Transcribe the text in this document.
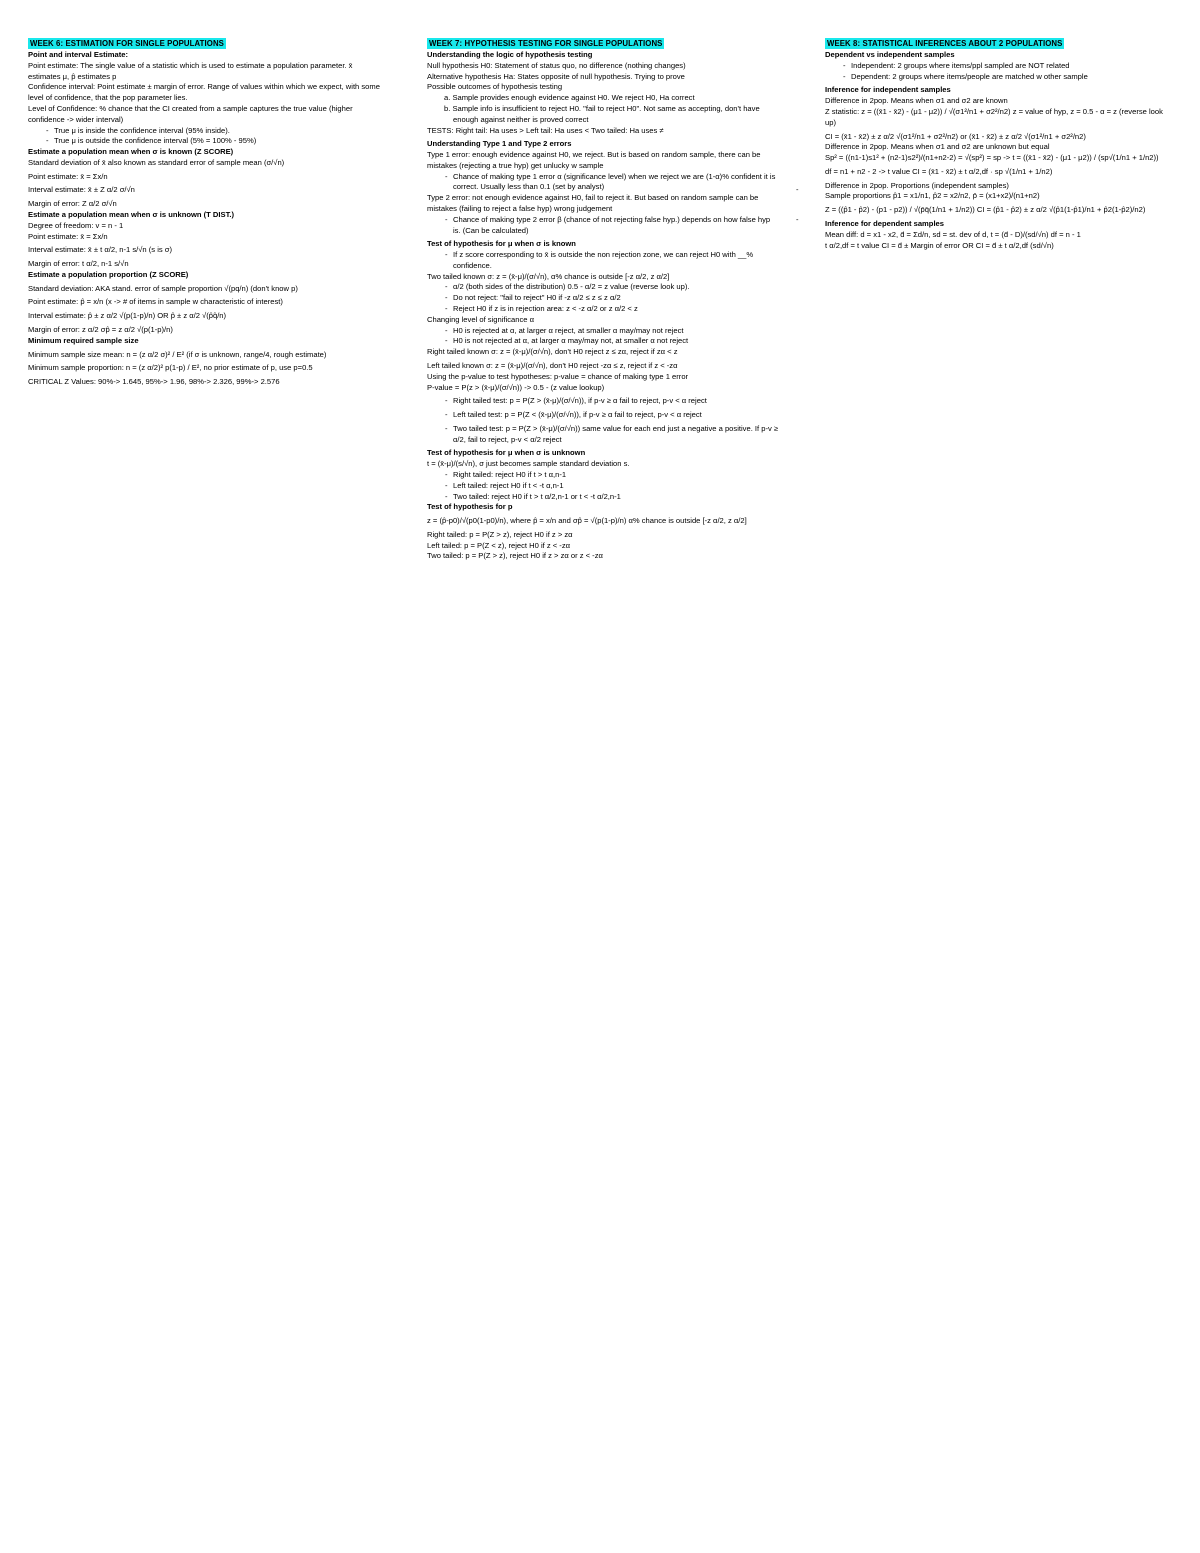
WEEK 6: ESTIMATION FOR SINGLE POPULATIONS
Point and interval Estimate:
Point estimate: The single value of a statistic which is used to estimate a population parameter. x̄ estimates μ, p̂ estimates p
Confidence interval: Point estimate ± margin of error. Range of values within which we expect, with some level of confidence, that the pop parameter lies.
Level of Confidence: % chance that the CI created from a sample captures the true value (higher confidence -> wider interval)
- True μ is inside the confidence interval (95% inside).
- True μ is outside the confidence interval (5% = 100% - 95%)
Estimate a population mean when σ is known (Z SCORE)
Standard deviation of x̄ also known as standard error of sample mean (σ/√n)
Point estimate: x̄ = Σx/n
Interval estimate: x̄ ± Z α/2 σ/√n
Margin of error: Z α/2 σ/√n
Estimate a population mean when σ is unknown (T DIST.)
Degree of freedom: v = n - 1
Point estimate: x̄ = Σx/n
Interval estimate: x̄ ± t α/2, n-1 s/√n (s is σ)
Margin of error: t α/2, n-1 s/√n
Estimate a population proportion (Z SCORE)
Standard deviation: AKA stand. error of sample proportion √(pq/n) (don't know p)
Point estimate: p̂ = x/n (x -> # of items in sample w characteristic of interest)
Interval estimate: p̂ ± z α/2 √(p(1-p)/n) OR p̂ ± z α/2 √(p̂q̂/n)
Margin of error: z α/2 σp̂ = z α/2 √(p(1-p)/n)
Minimum required sample size
Minimum sample size mean: n = (z α/2 σ)² / E² (if σ is unknown, range/4, rough estimate)
Minimum sample proportion: n = (z α/2)² p(1-p) / E², no prior estimate of p, use p=0.5
CRITICAL Z Values: 90%-> 1.645, 95%-> 1.96, 98%-> 2.326, 99%-> 2.576
WEEK 7: HYPOTHESIS TESTING FOR SINGLE POPULATIONS
Understanding the logic of hypothesis testing
Null hypothesis H0: Statement of status quo, no difference (nothing changes)
Alternative hypothesis Ha: States opposite of null hypothesis. Trying to prove
Possible outcomes of hypothesis testing
a. Sample provides enough evidence against H0. We reject H0, Ha correct
b. Sample info is insufficient to reject H0. "fail to reject H0". Not same as accepting, don't have enough against neither is proved correct
TESTS: Right tail: Ha uses > Left tail: Ha uses < Two tailed: Ha uses ≠
Understanding Type 1 and Type 2 errors
Type 1 error: enough evidence against H0, we reject. But is based on random sample, there can be mistakes (rejecting a true hyp) get unlucky w sample
- Chance of making type 1 error α (significance level) when we reject we are (1-α)% confident it is correct. Usually less than 0.1 (set by analyst)
Type 2 error: not enough evidence against H0, fail to reject it. But based on random sample can be mistakes (failing to reject a false hyp) wrong judgement
- Chance of making type 2 error β (chance of not rejecting false hyp.) depends on how false hyp is. (Can be calculated)
Test of hypothesis for μ when σ is known
- If z score corresponding to x̄ is outside the non rejection zone, we can reject H0 with __% confidence.
Two tailed known σ: z = (x̄-μ)/(σ/√n), α% chance is outside [-z α/2, z α/2]
- α/2 (both sides of the distribution) 0.5 - α/2 = z value (reverse look up).
- Do not reject: "fail to reject" H0 if -z α/2 ≤ z ≤ z α/2
- Reject H0 if z is in rejection area: z < -z α/2 or z α/2 < z
Changing level of significance α
- H0 is rejected at α, at larger α reject, at smaller α may/may not reject
- H0 is not rejected at α, at larger α may/may not, at smaller α not reject
Right tailed known σ: z = (x̄-μ)/(σ/√n), don't H0 reject z ≤ zα, reject if zα < z
Left tailed known σ: z = (x̄-μ)/(σ/√n), don't H0 reject -zα ≤ z, reject if z < -zα
Using the p-value to test hypotheses: p-value = chance of making type 1 error
P-value = P(z > (x̄-μ)/(σ/√n)) -> 0.5 - (z value lookup)
- Right tailed test: p = P(Z > (x̄-μ)/(σ/√n)), if p-v ≥ α fail to reject, p-v < α reject
- Left tailed test: p = P(Z < (x̄-μ)/(σ/√n)), if p-v ≥ α fail to reject, p-v < α reject
- Two tailed test: p = P(Z > (x̄-μ)/(σ/√n)) same value for each end just a negative a positive. If p-v ≥ α/2, fail to reject, p-v < α/2 reject
Test of hypothesis for μ when σ is unknown
t = (x̄-μ)/(s/√n), σ just becomes sample standard deviation s.
- Right tailed: reject H0 if t > t α,n-1
- Left tailed: reject H0 if t < -t α,n-1
- Two tailed: reject H0 if t > t α/2,n-1 or t < -t α/2,n-1
Test of hypothesis for p
z = (p̂-p0)/√(p0(1-p0)/n), where p̂ = x/n and σp̂ = √(p(1-p)/n) α% chance is outside [-z α/2, z α/2]
Right tailed: p = P(Z > z), reject H0 if z > zα
Left tailed: p = P(Z < z), reject H0 if z < -zα
Two tailed: p = P(Z > z), reject H0 if z > zα or z < -zα
WEEK 8: STATISTICAL INFERENCES ABOUT 2 POPULATIONS
Dependent vs independent samples
- Independent: 2 groups where items/ppl sampled are NOT related
- Dependent: 2 groups where items/people are matched w other sample
Inference for independent samples
Difference in 2pop. Means when σ1 and σ2 are known
Z statistic: z = ((x̄1 - x̄2) - (μ1 - μ2)) / √(σ1²/n1 + σ2²/n2) z = value of hyp, z = 0.5 - α = z (reverse look up)
CI = (x̄1 - x̄2) ± z α/2 √(σ1²/n1 + σ2²/n2) or (x̄1 - x̄2) ± z α/2 √(σ1²/n1 + σ2²/n2)
Difference in 2pop. Means when σ1 and σ2 are unknown but equal
Sp² = ((n1-1)s1² + (n2-1)s2²)/(n1+n2-2) = √(sp²) = sp -> t = ((x̄1 - x̄2) - (μ1 - μ2)) / (sp√(1/n1 + 1/n2))
df = n1 + n2 - 2 -> t value CI = (x̄1 - x̄2) ± t α/2,df · sp √(1/n1 + 1/n2)
Difference in 2pop. Proportions (independent samples)
Sample proportions p̂1 = x1/n1, p̂2 = x2/n2, p̄ = (x1+x2)/(n1+n2)
Z = ((p̂1 - p̂2) - (p1 - p2)) / √(p̄q̄(1/n1 + 1/n2)) CI = (p̂1 - p̂2) ± z α/2 √(p̂1(1-p̂1)/n1 + p̂2(1-p̂2)/n2)
Inference for dependent samples
Mean diff: d = x1 - x2, d̄ = Σd/n, sd = st. dev of d, t = (d̄ - D)/(sd/√n) df = n - 1
t α/2,df = t value CI = d̄ ± Margin of error OR CI = d̄ ± t α/2,df (sd/√n)
-
-
